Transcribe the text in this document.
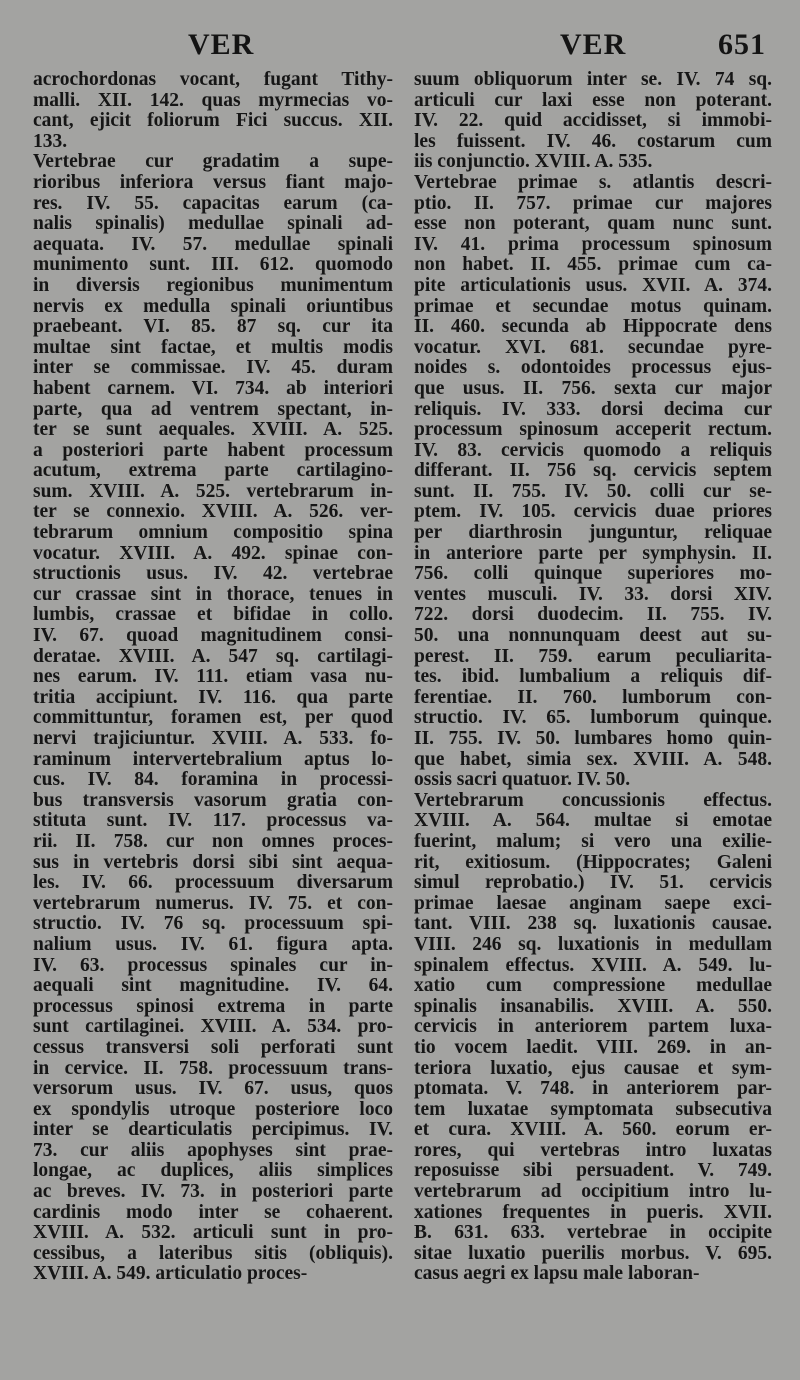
VER	VER	651
acrochordonas vocant, fugant Tithy-
malli. XII. 142. quas myrmecias vo-
cant, ejicit foliorum Fici succus. XII.
133.
Vertebrae cur gradatim a supe-
rioribus inferiora versus fiant majo-
res. IV. 55. capacitas earum (ca-
nalis spinalis) medullae spinali ad-
aequata. IV. 57. medullae spinali
munimento sunt. III. 612. quomodo
in diversis regionibus munimentum
nervis ex medulla spinali oriuntibus
praebeant. VI. 85. 87 sq. cur ita
multae sint factae, et multis modis
inter se commissae. IV. 45. duram
habent carnem. VI. 734. ab interiori
parte, qua ad ventrem spectant, in-
ter se sunt aequales. XVIII. A. 525.
a posteriori parte habent processum
acutum, extrema parte cartilagino-
sum. XVIII. A. 525. vertebrarum in-
ter se connexio. XVIII. A. 526. ver-
tebrarum omnium compositio spina
vocatur. XVIII. A. 492. spinae con-
structionis usus. IV. 42. vertebrae
cur crassae sint in thorace, tenues in
lumbis, crassae et bifidae in collo.
IV. 67. quoad magnitudinem consi-
deratae. XVIII. A. 547 sq. cartilagi-
nes earum. IV. 111. etiam vasa nu-
tritia accipiunt. IV. 116. qua parte
committuntur, foramen est, per quod
nervi trajiciuntur. XVIII. A. 533. fo-
raminum intervertebralium aptus lo-
cus. IV. 84. foramina in processi-
bus transversis vasorum gratia con-
stituta sunt. IV. 117. processus va-
rii. II. 758. cur non omnes proces-
sus in vertebris dorsi sibi sint aequa-
les. IV. 66. processuum diversarum
vertebrarum numerus. IV. 75. et con-
structio. IV. 76 sq. processuum spi-
nalium usus. IV. 61. figura apta.
IV. 63. processus spinales cur in-
aequali sint magnitudine. IV. 64.
processus spinosi extrema in parte
sunt cartilaginei. XVIII. A. 534. pro-
cessus transversi soli perforati sunt
in cervice. II. 758. processuum trans-
versorum usus. IV. 67. usus, quos
ex spondylis utroque posteriore loco
inter se dearticulatis percipimus. IV.
73. cur aliis apophyses sint prae-
longae, ac duplices, aliis simplices
ac breves. IV. 73. in posteriori parte
cardinis modo inter se cohaerent.
XVIII. A. 532. articuli sunt in pro-
cessibus, a lateribus sitis (obliquis).
XVIII. A. 549. articulatio proces-
suum obliquorum inter se. IV. 74 sq.
articuli cur laxi esse non poterant.
IV. 22. quid accidisset, si immobi-
les fuissent. IV. 46. costarum cum
iis conjunctio. XVIII. A. 535.
Vertebrae primae s. atlantis descri-
ptio. II. 757. primae cur majores
esse non poterant, quam nunc sunt.
IV. 41. prima processum spinosum
non habet. II. 455. primae cum ca-
pite articulationis usus. XVII. A. 374.
primae et secundae motus quinam.
II. 460. secunda ab Hippocrate dens
vocatur. XVI. 681. secundae pyre-
noides s. odontoides processus ejus-
que usus. II. 756. sexta cur major
reliquis. IV. 333. dorsi decima cur
processum spinosum acceperit rectum.
IV. 83. cervicis quomodo a reliquis
differant. II. 756 sq. cervicis septem
sunt. II. 755. IV. 50. colli cur se-
ptem. IV. 105. cervicis duae priores
per diarthrosin junguntur, reliquae
in anteriore parte per symphysin. II.
756. colli quinque superiores mo-
ventes musculi. IV. 33. dorsi XIV.
722. dorsi duodecim. II. 755. IV.
50. una nonnunquam deest aut su-
perest. II. 759. earum peculiarita-
tes. ibid. lumbalium a reliquis dif-
ferentiae. II. 760. lumborum con-
structio. IV. 65. lumborum quinque.
II. 755. IV. 50. lumbares homo quin-
que habet, simia sex. XVIII. A. 548.
ossis sacri quatuor. IV. 50.
Vertebrarum concussionis effectus.
XVIII. A. 564. multae si emotae
fuerint, malum; si vero una exilie-
rit, exitiosum. (Hippocrates; Galeni
simul reprobatio.) IV. 51. cervicis
primae laesae anginam saepe exci-
tant. VIII. 238 sq. luxationis causae.
VIII. 246 sq. luxationis in medullam
spinalem effectus. XVIII. A. 549. lu-
xatio cum compressione medullae
spinalis insanabilis. XVIII. A. 550.
cervicis in anteriorem partem luxa-
tio vocem laedit. VIII. 269. in an-
teriora luxatio, ejus causae et sym-
ptomata. V. 748. in anteriorem par-
tem luxatae symptomata subsecutiva
et cura. XVIII. A. 560. eorum er-
rores, qui vertebras intro luxatas
reposuisse sibi persuadent. V. 749.
vertebrarum ad occipitium intro lu-
xationes frequentes in pueris. XVII.
B. 631. 633. vertebrae in occipite
sitae luxatio puerilis morbus. V. 695.
casus aegri ex lapsu male laboran-
